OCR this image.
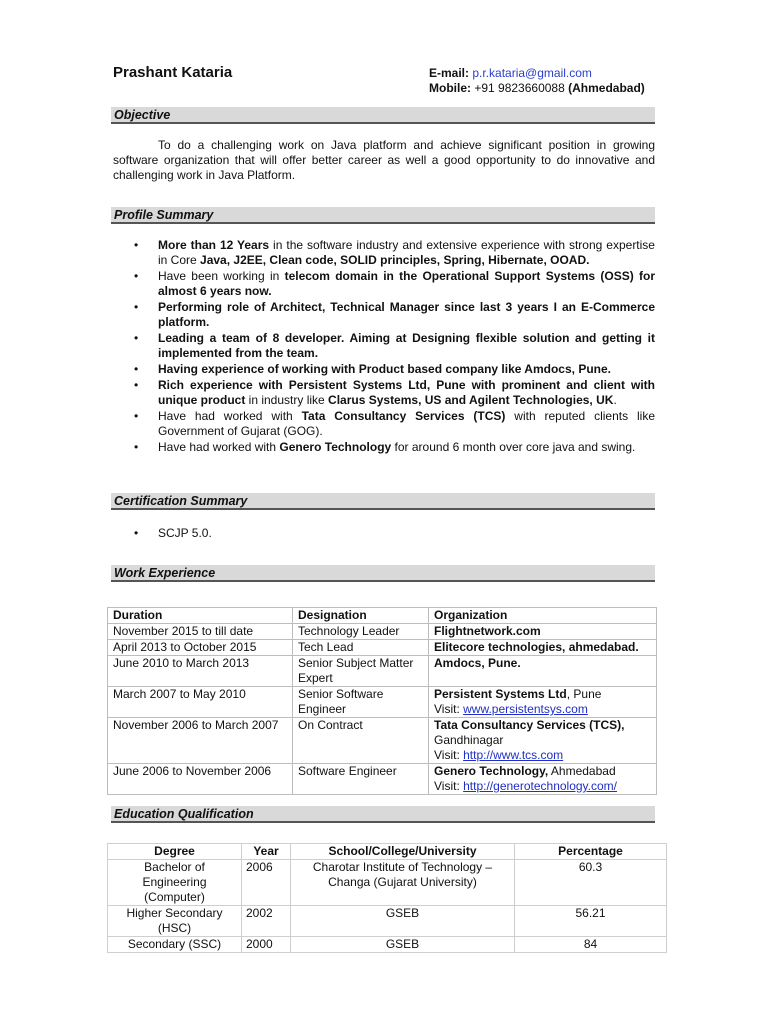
Prashant Kataria	E-mail: p.r.kataria@gmail.com
Mobile: +91 9823660088 (Ahmedabad)
Objective
To do a challenging work on Java platform and achieve significant position in growing software organization that will offer better career as well a good opportunity to do innovative and challenging work in Java Platform.
Profile Summary
• More than 12 Years in the software industry and extensive experience with strong expertise in Core Java, J2EE, Clean code, SOLID principles, Spring, Hibernate, OOAD.
• Have been working in telecom domain in the Operational Support Systems (OSS) for almost 6 years now.
• Performing role of Architect, Technical Manager since last 3 years I an E-Commerce platform.
• Leading a team of 8 developer. Aiming at Designing flexible solution and getting it implemented from the team.
• Having experience of working with Product based company like Amdocs, Pune.
• Rich experience with Persistent Systems Ltd, Pune with prominent and client with unique product in industry like Clarus Systems, US and Agilent Technologies, UK.
• Have had worked with Tata Consultancy Services (TCS) with reputed clients like Government of Gujarat (GOG).
• Have had worked with Genero Technology for around 6 month over core java and swing.
Certification Summary
• SCJP 5.0.
Work Experience
Duration	Designation	Organization
November 2015 to till date	Technology Leader	Flightnetwork.com
April 2013 to October 2015	Tech Lead	Elitecore technologies, ahmedabad.
June 2010 to March 2013	Senior Subject Matter Expert	Amdocs, Pune.
March 2007 to May 2010	Senior Software Engineer	Persistent Systems Ltd, Pune
Visit: www.persistentsys.com
November 2006 to March 2007	On Contract	Tata Consultancy Services (TCS),
Gandhinagar
Visit: http://www.tcs.com
June 2006 to November 2006	Software Engineer	Genero Technology, Ahmedabad
Visit: http://generotechnology.com/
Education Qualification
Degree	Year	School/College/University	Percentage
Bachelor of Engineering (Computer)	2006	Charotar Institute of Technology – Changa (Gujarat University)	60.3
Higher Secondary (HSC)	2002	GSEB	56.21
Secondary (SSC)	2000	GSEB	84
